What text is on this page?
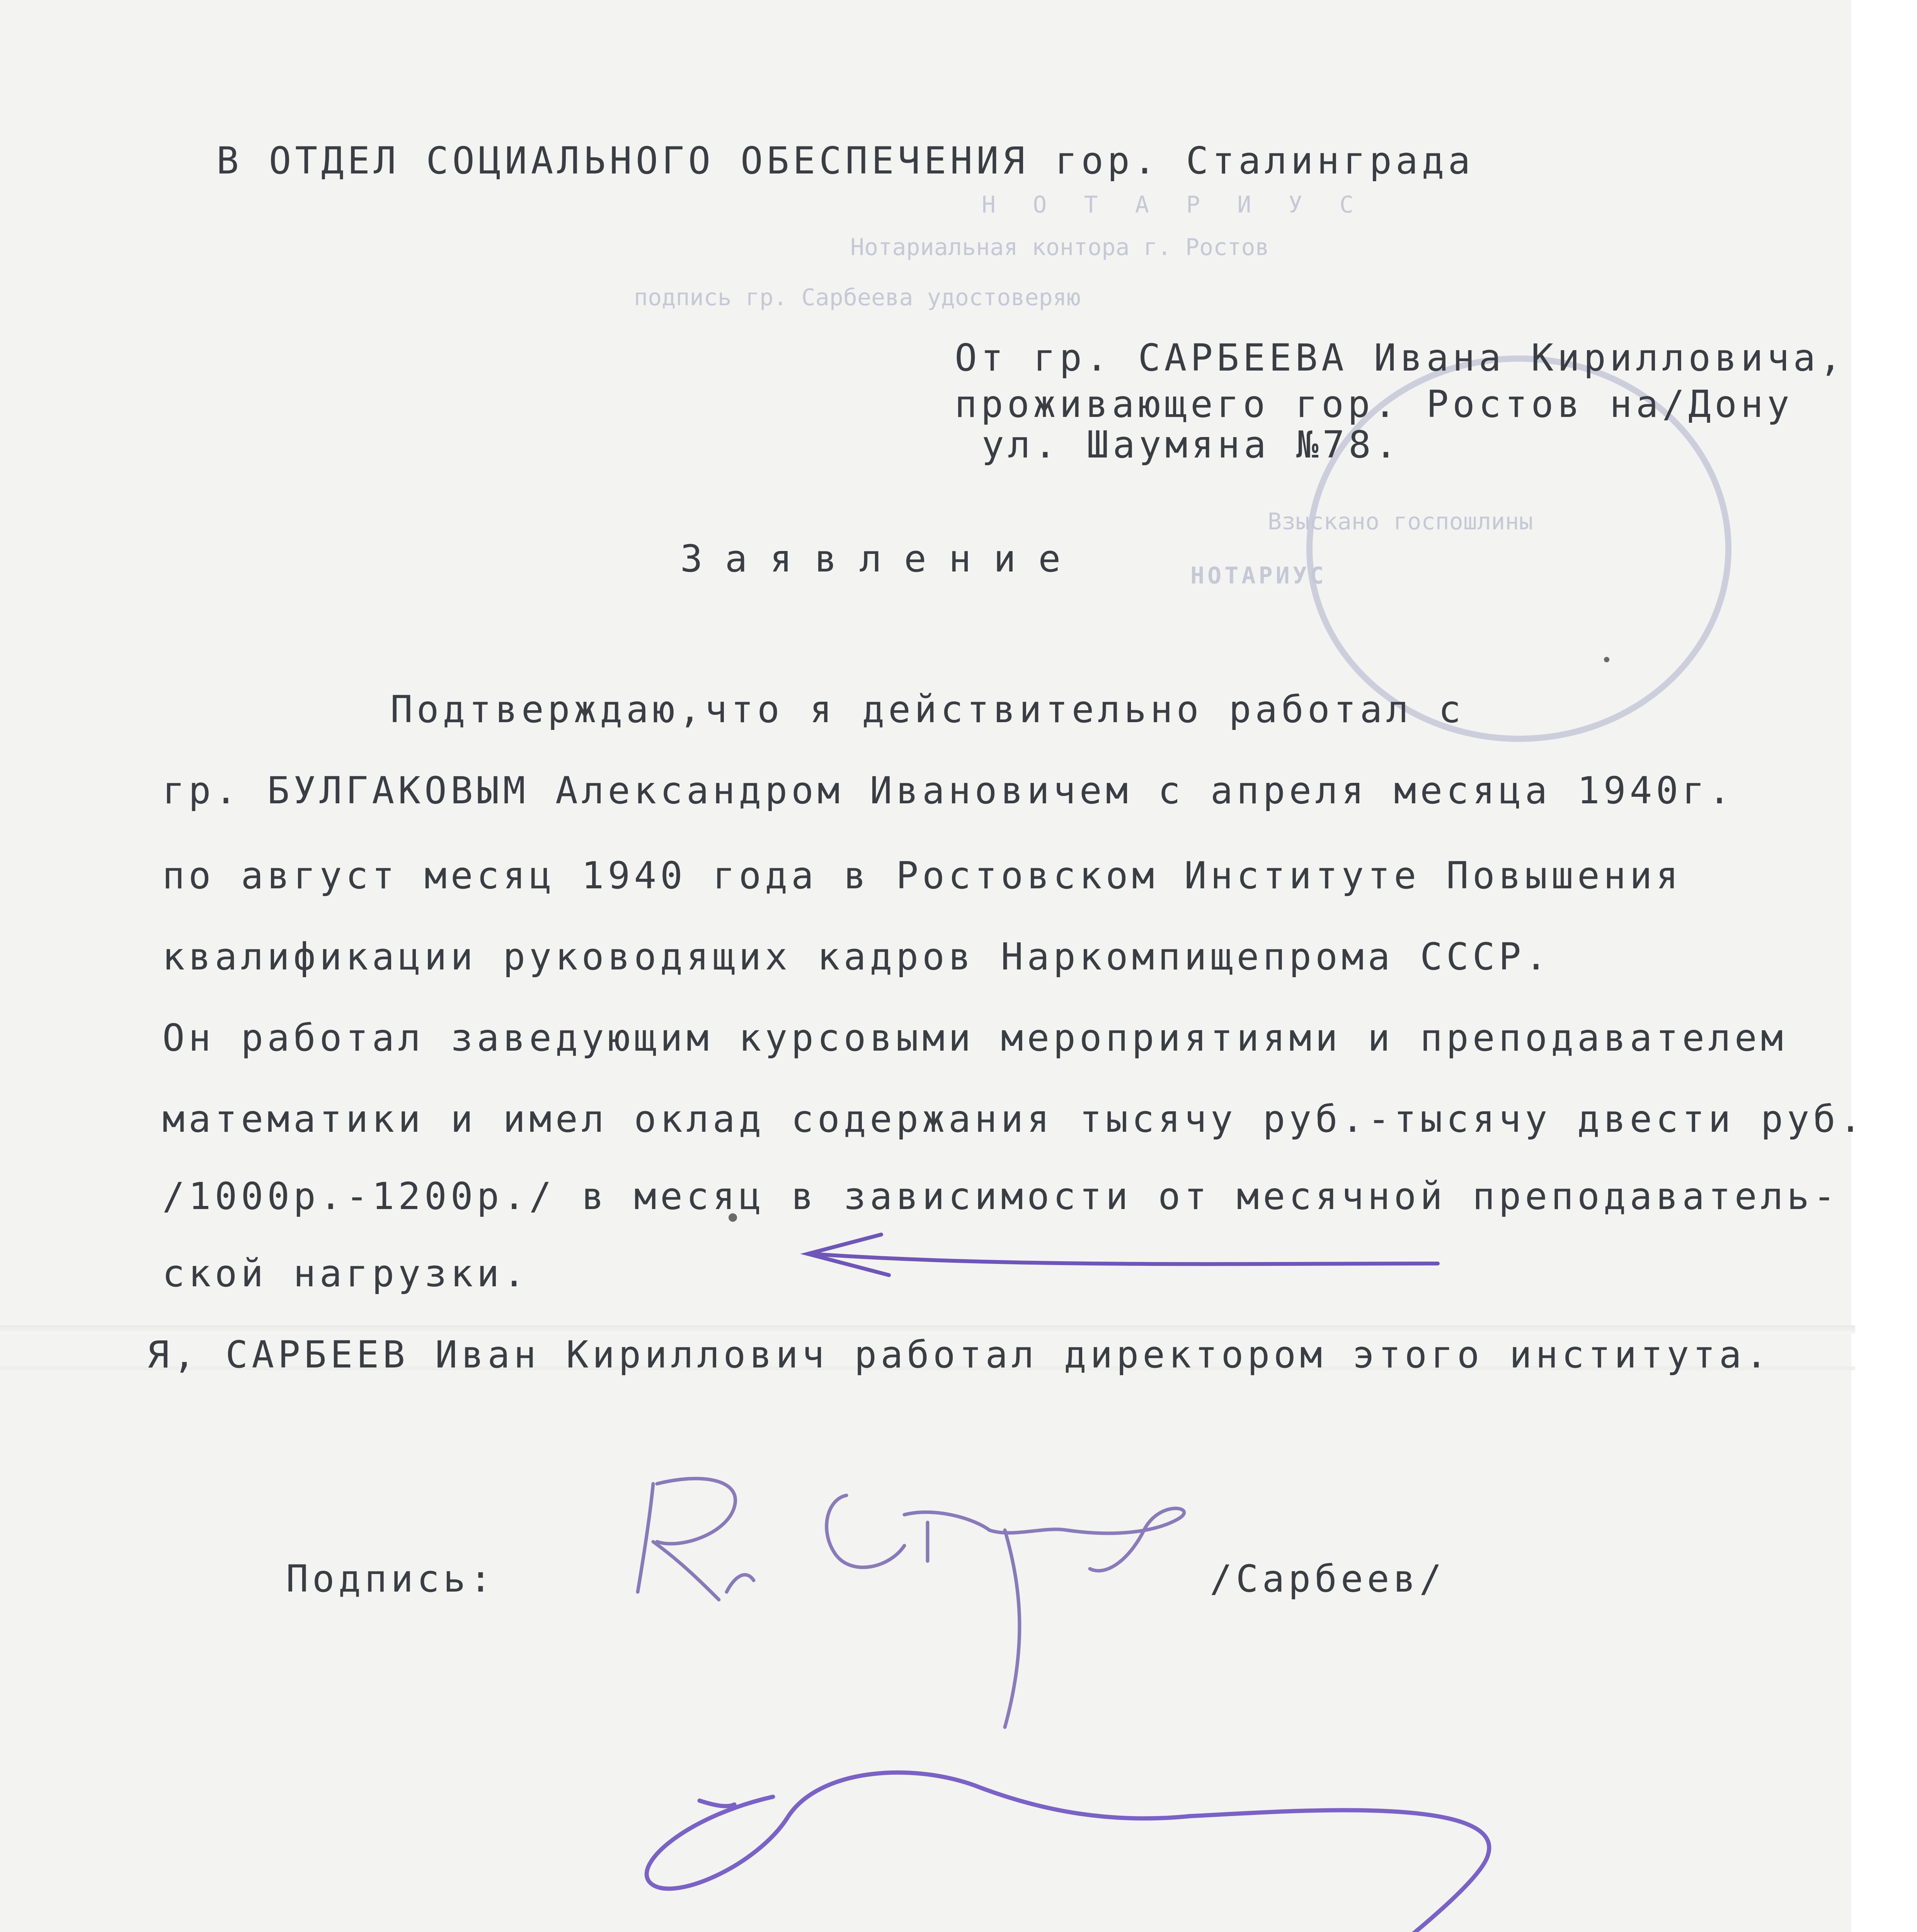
Н О Т А Р И У С
Нотариальная контора г. Ростов
подпись гр. Сарбеева удостоверяю
Взыскано госпошлины
НОТАРИУС
В ОТДЕЛ СОЦИАЛЬНОГО ОБЕСПЕЧЕНИЯ гор. Сталинграда
От гр. САРБЕЕВА Ивана Кирилловича,
проживающего гор. Ростов на/Дону
ул. Шаумяна №78.
Заявление
Подтверждаю,что я действительно работал с
гр. БУЛГАКОВЫМ Александром Ивановичем с апреля месяца 1940г.
по август месяц 1940 года в Ростовском Институте Повышения
квалификации руководящих кадров Наркомпищепрома СССР.
Он работал заведующим курсовыми мероприятиями и преподавателем
математики и имел оклад содержания тысячу руб.-тысячу двести руб.
/1000р.-1200р./ в месяц в зависимости от месячной преподаватель-
ской нагрузки.
Я, САРБЕЕВ Иван Кириллович работал директором этого института.
Подпись:	/Сарбеев/
